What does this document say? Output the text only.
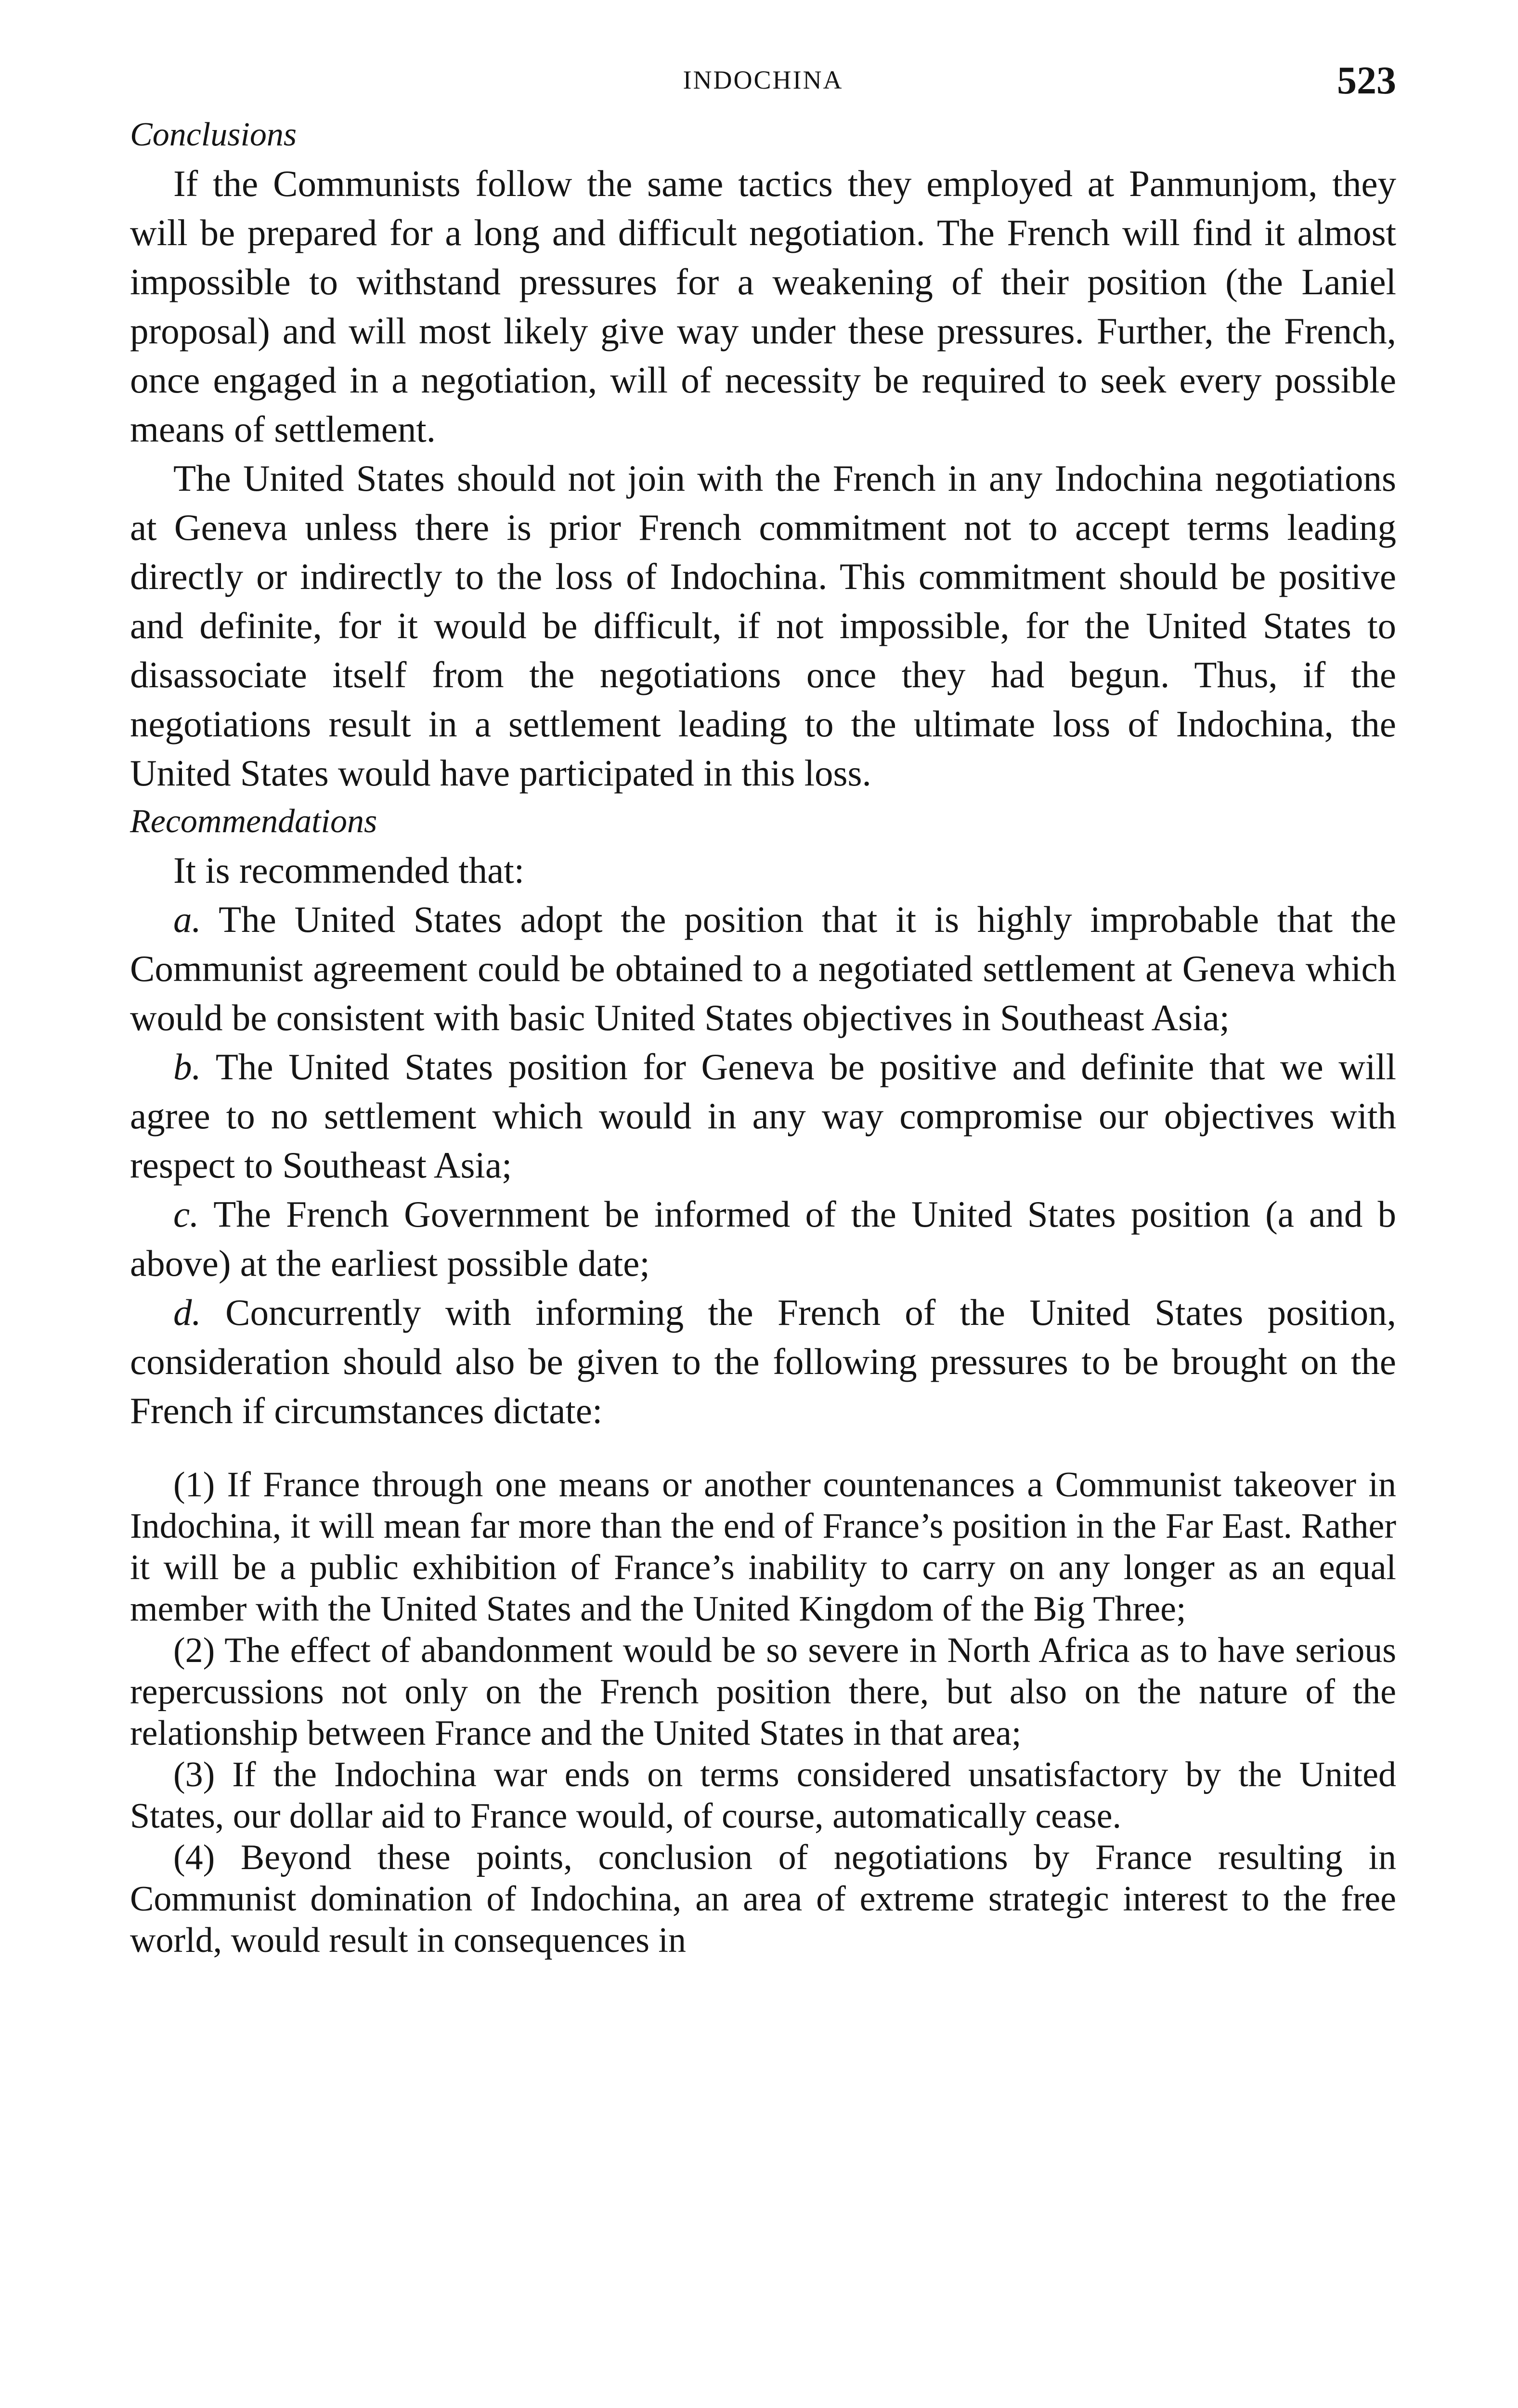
INDOCHINA	523

Conclusions

If the Communists follow the same tactics they employed at Panmunjom, they will be prepared for a long and difficult negotiation. The French will find it almost impossible to withstand pressures for a weakening of their position (the Laniel proposal) and will most likely give way under these pressures. Further, the French, once engaged in a negotiation, will of necessity be required to seek every possible means of settlement.

The United States should not join with the French in any Indochina negotiations at Geneva unless there is prior French commitment not to accept terms leading directly or indirectly to the loss of Indochina. This commitment should be positive and definite, for it would be difficult, if not impossible, for the United States to disassociate itself from the negotiations once they had begun. Thus, if the negotiations result in a settlement leading to the ultimate loss of Indochina, the United States would have participated in this loss.

Recommendations

It is recommended that:

a. The United States adopt the position that it is highly improbable that the Communist agreement could be obtained to a negotiated settlement at Geneva which would be consistent with basic United States objectives in Southeast Asia;

b. The United States position for Geneva be positive and definite that we will agree to no settlement which would in any way compromise our objectives with respect to Southeast Asia;

c. The French Government be informed of the United States position (a and b above) at the earliest possible date;

d. Concurrently with informing the French of the United States position, consideration should also be given to the following pressures to be brought on the French if circumstances dictate:

(1) If France through one means or another countenances a Communist takeover in Indochina, it will mean far more than the end of France’s position in the Far East. Rather it will be a public exhibition of France’s inability to carry on any longer as an equal member with the United States and the United Kingdom of the Big Three;

(2) The effect of abandonment would be so severe in North Africa as to have serious repercussions not only on the French position there, but also on the nature of the relationship between France and the United States in that area;

(3) If the Indochina war ends on terms considered unsatisfactory by the United States, our dollar aid to France would, of course, automatically cease.

(4) Beyond these points, conclusion of negotiations by France resulting in Communist domination of Indochina, an area of extreme strategic interest to the free world, would result in consequences in
